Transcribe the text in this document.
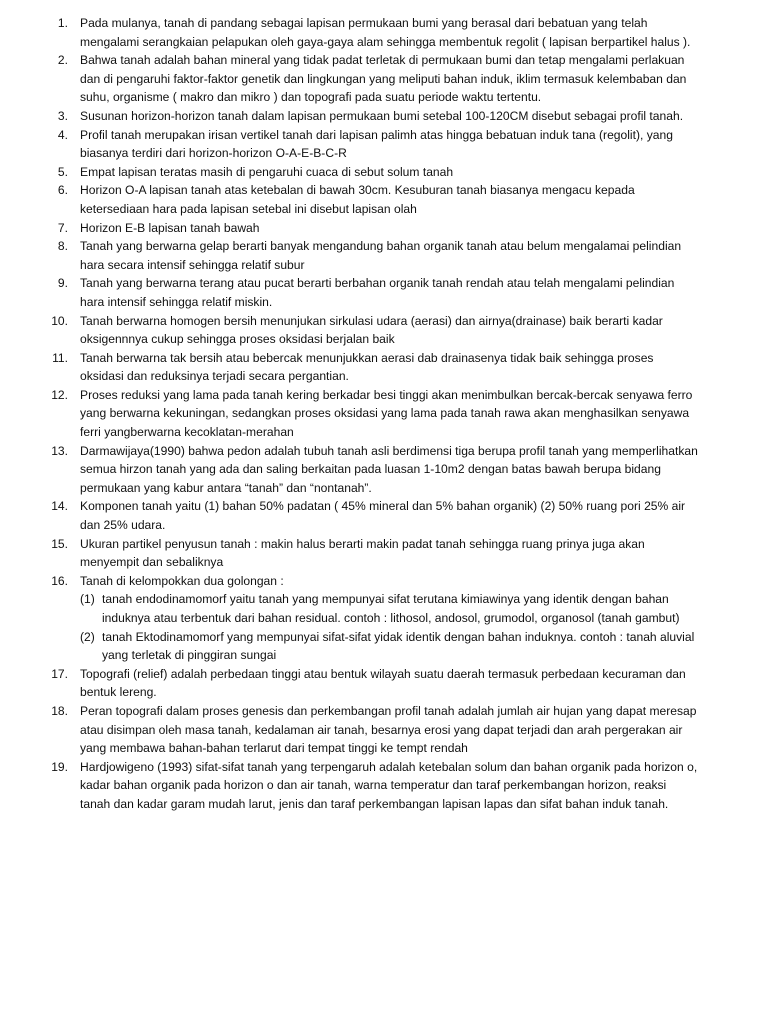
1. Pada mulanya, tanah di pandang sebagai lapisan permukaan bumi yang berasal dari bebatuan yang telah mengalami serangkaian pelapukan oleh gaya-gaya alam sehingga membentuk regolit ( lapisan berpartikel halus ).
2. Bahwa tanah adalah bahan mineral yang tidak padat terletak di permukaan bumi dan tetap mengalami perlakuan dan di pengaruhi faktor-faktor genetik dan lingkungan yang meliputi bahan induk, iklim termasuk kelembaban dan suhu, organisme ( makro dan mikro ) dan topografi pada suatu periode waktu tertentu.
3. Susunan horizon-horizon tanah dalam lapisan permukaan bumi setebal 100-120CM disebut sebagai profil tanah.
4. Profil tanah merupakan irisan vertikel tanah dari lapisan palimh atas hingga bebatuan induk tana (regolit), yang biasanya terdiri dari horizon-horizon O-A-E-B-C-R
5. Empat lapisan teratas masih di pengaruhi cuaca di sebut solum tanah
6. Horizon O-A lapisan tanah atas ketebalan di bawah 30cm. Kesuburan tanah biasanya mengacu kepada ketersediaan hara pada lapisan setebal ini disebut lapisan olah
7. Horizon E-B lapisan tanah bawah
8. Tanah yang berwarna gelap berarti banyak mengandung bahan organik tanah atau belum mengalamai pelindian hara secara intensif sehingga relatif subur
9. Tanah yang berwarna terang atau pucat berarti berbahan organik tanah rendah atau telah mengalami pelindian hara intensif sehingga relatif miskin.
10. Tanah berwarna homogen bersih menunjukan sirkulasi udara (aerasi) dan airnya(drainase) baik berarti kadar oksigennnya cukup sehingga proses oksidasi berjalan baik
11. Tanah berwarna tak bersih atau bebercak menunjukkan aerasi dab drainasenya tidak baik sehingga proses oksidasi dan reduksinya terjadi secara pergantian.
12. Proses reduksi yang lama pada tanah kering berkadar besi tinggi akan menimbulkan bercak-bercak senyawa ferro yang berwarna kekuningan, sedangkan proses oksidasi yang lama pada tanah rawa akan menghasilkan senyawa ferri yangberwarna kecoklatan-merahan
13. Darmawijaya(1990) bahwa pedon adalah tubuh tanah asli berdimensi tiga berupa profil tanah yang memperlihatkan semua hirzon tanah yang ada dan saling berkaitan pada luasan 1-10m2 dengan batas bawah berupa bidang permukaan yang kabur antara “tanah” dan “nontanah”.
14. Komponen tanah yaitu (1) bahan 50% padatan ( 45% mineral dan 5% bahan organik) (2) 50% ruang pori 25% air dan 25% udara.
15. Ukuran partikel penyusun tanah : makin halus berarti makin padat tanah sehingga ruang prinya juga akan menyempit dan sebaliknya
16. Tanah di kelompokkan dua golongan :
(1) tanah endodinamomorf yaitu tanah yang mempunyai sifat terutana kimiawinya yang identik dengan bahan induknya atau terbentuk dari bahan residual. contoh : lithosol, andosol, grumodol, organosol (tanah gambut)
(2) tanah Ektodinamomorf yang mempunyai sifat-sifat yidak identik dengan bahan induknya. contoh : tanah aluvial yang terletak di pinggiran sungai
17. Topografi (relief) adalah perbedaan tinggi atau bentuk wilayah suatu daerah termasuk perbedaan kecuraman dan bentuk lereng.
18. Peran topografi dalam proses genesis dan perkembangan profil tanah adalah jumlah air hujan yang dapat meresap atau disimpan oleh masa tanah, kedalaman air tanah, besarnya erosi yang dapat terjadi dan arah pergerakan air yang membawa bahan-bahan terlarut dari tempat tinggi ke tempt rendah
19. Hardjowigeno (1993) sifat-sifat tanah yang terpengaruh adalah ketebalan solum dan bahan organik pada horizon o, kadar bahan organik pada horizon o dan air tanah, warna temperatur dan taraf perkembangan horizon, reaksi tanah dan kadar garam mudah larut, jenis dan taraf perkembangan lapisan lapas dan sifat bahan induk tanah.
